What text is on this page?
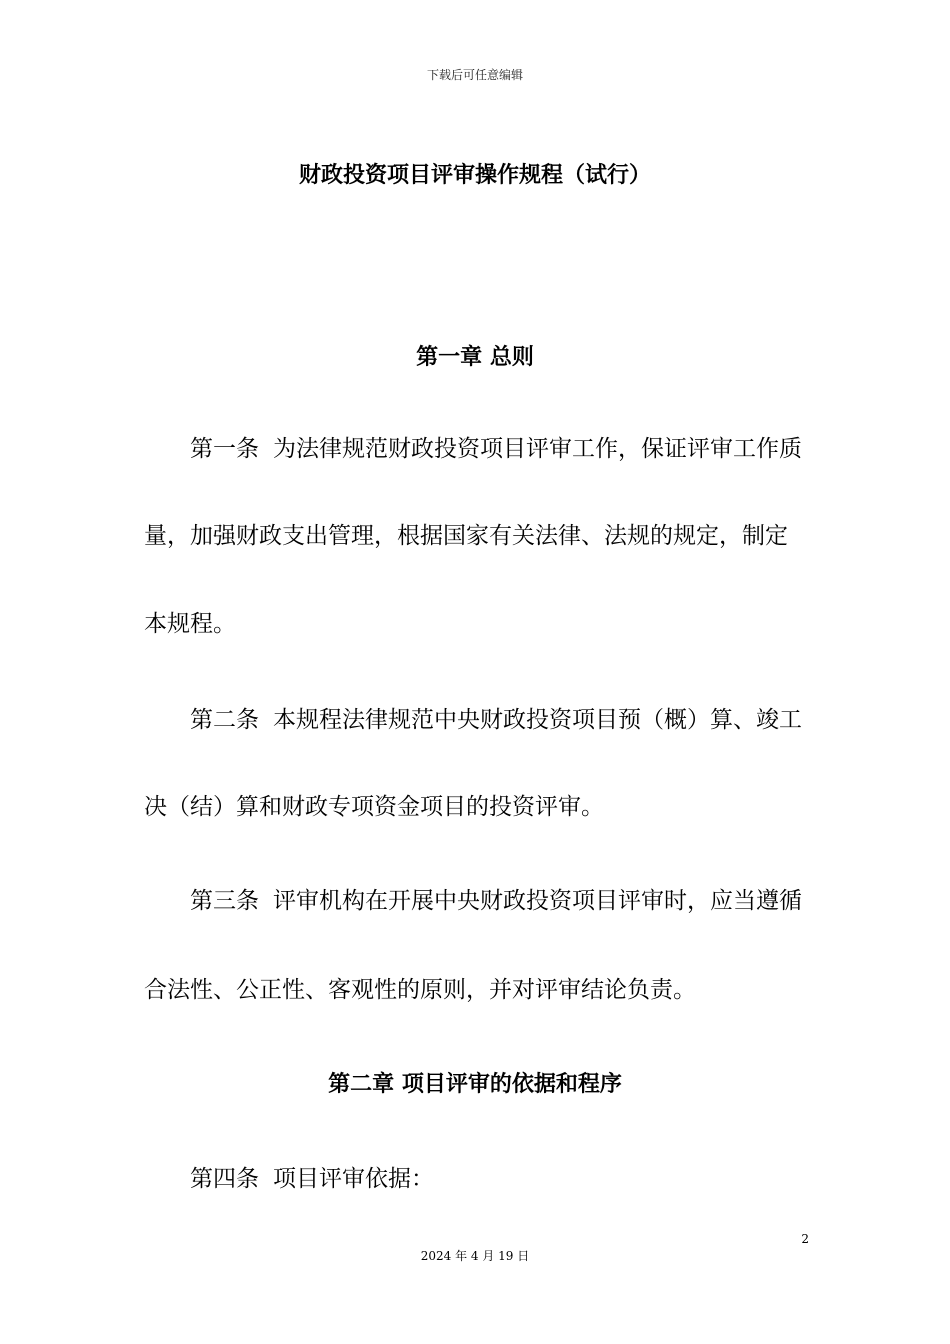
下载后可任意编辑
财政投资项目评审操作规程（试行）
第一章 总则
第一条 为法律规范财政投资项目评审工作，保证评审工作质
量，加强财政支出管理，根据国家有关法律、法规的规定，制定
本规程。
第二条 本规程法律规范中央财政投资项目预（概）算、竣工
决（结）算和财政专项资金项目的投资评审。
第三条 评审机构在开展中央财政投资项目评审时，应当遵循
合法性、公正性、客观性的原则，并对评审结论负责。
第二章 项目评审的依据和程序
第四条 项目评审依据：
2
2024 年 4 月 19 日
